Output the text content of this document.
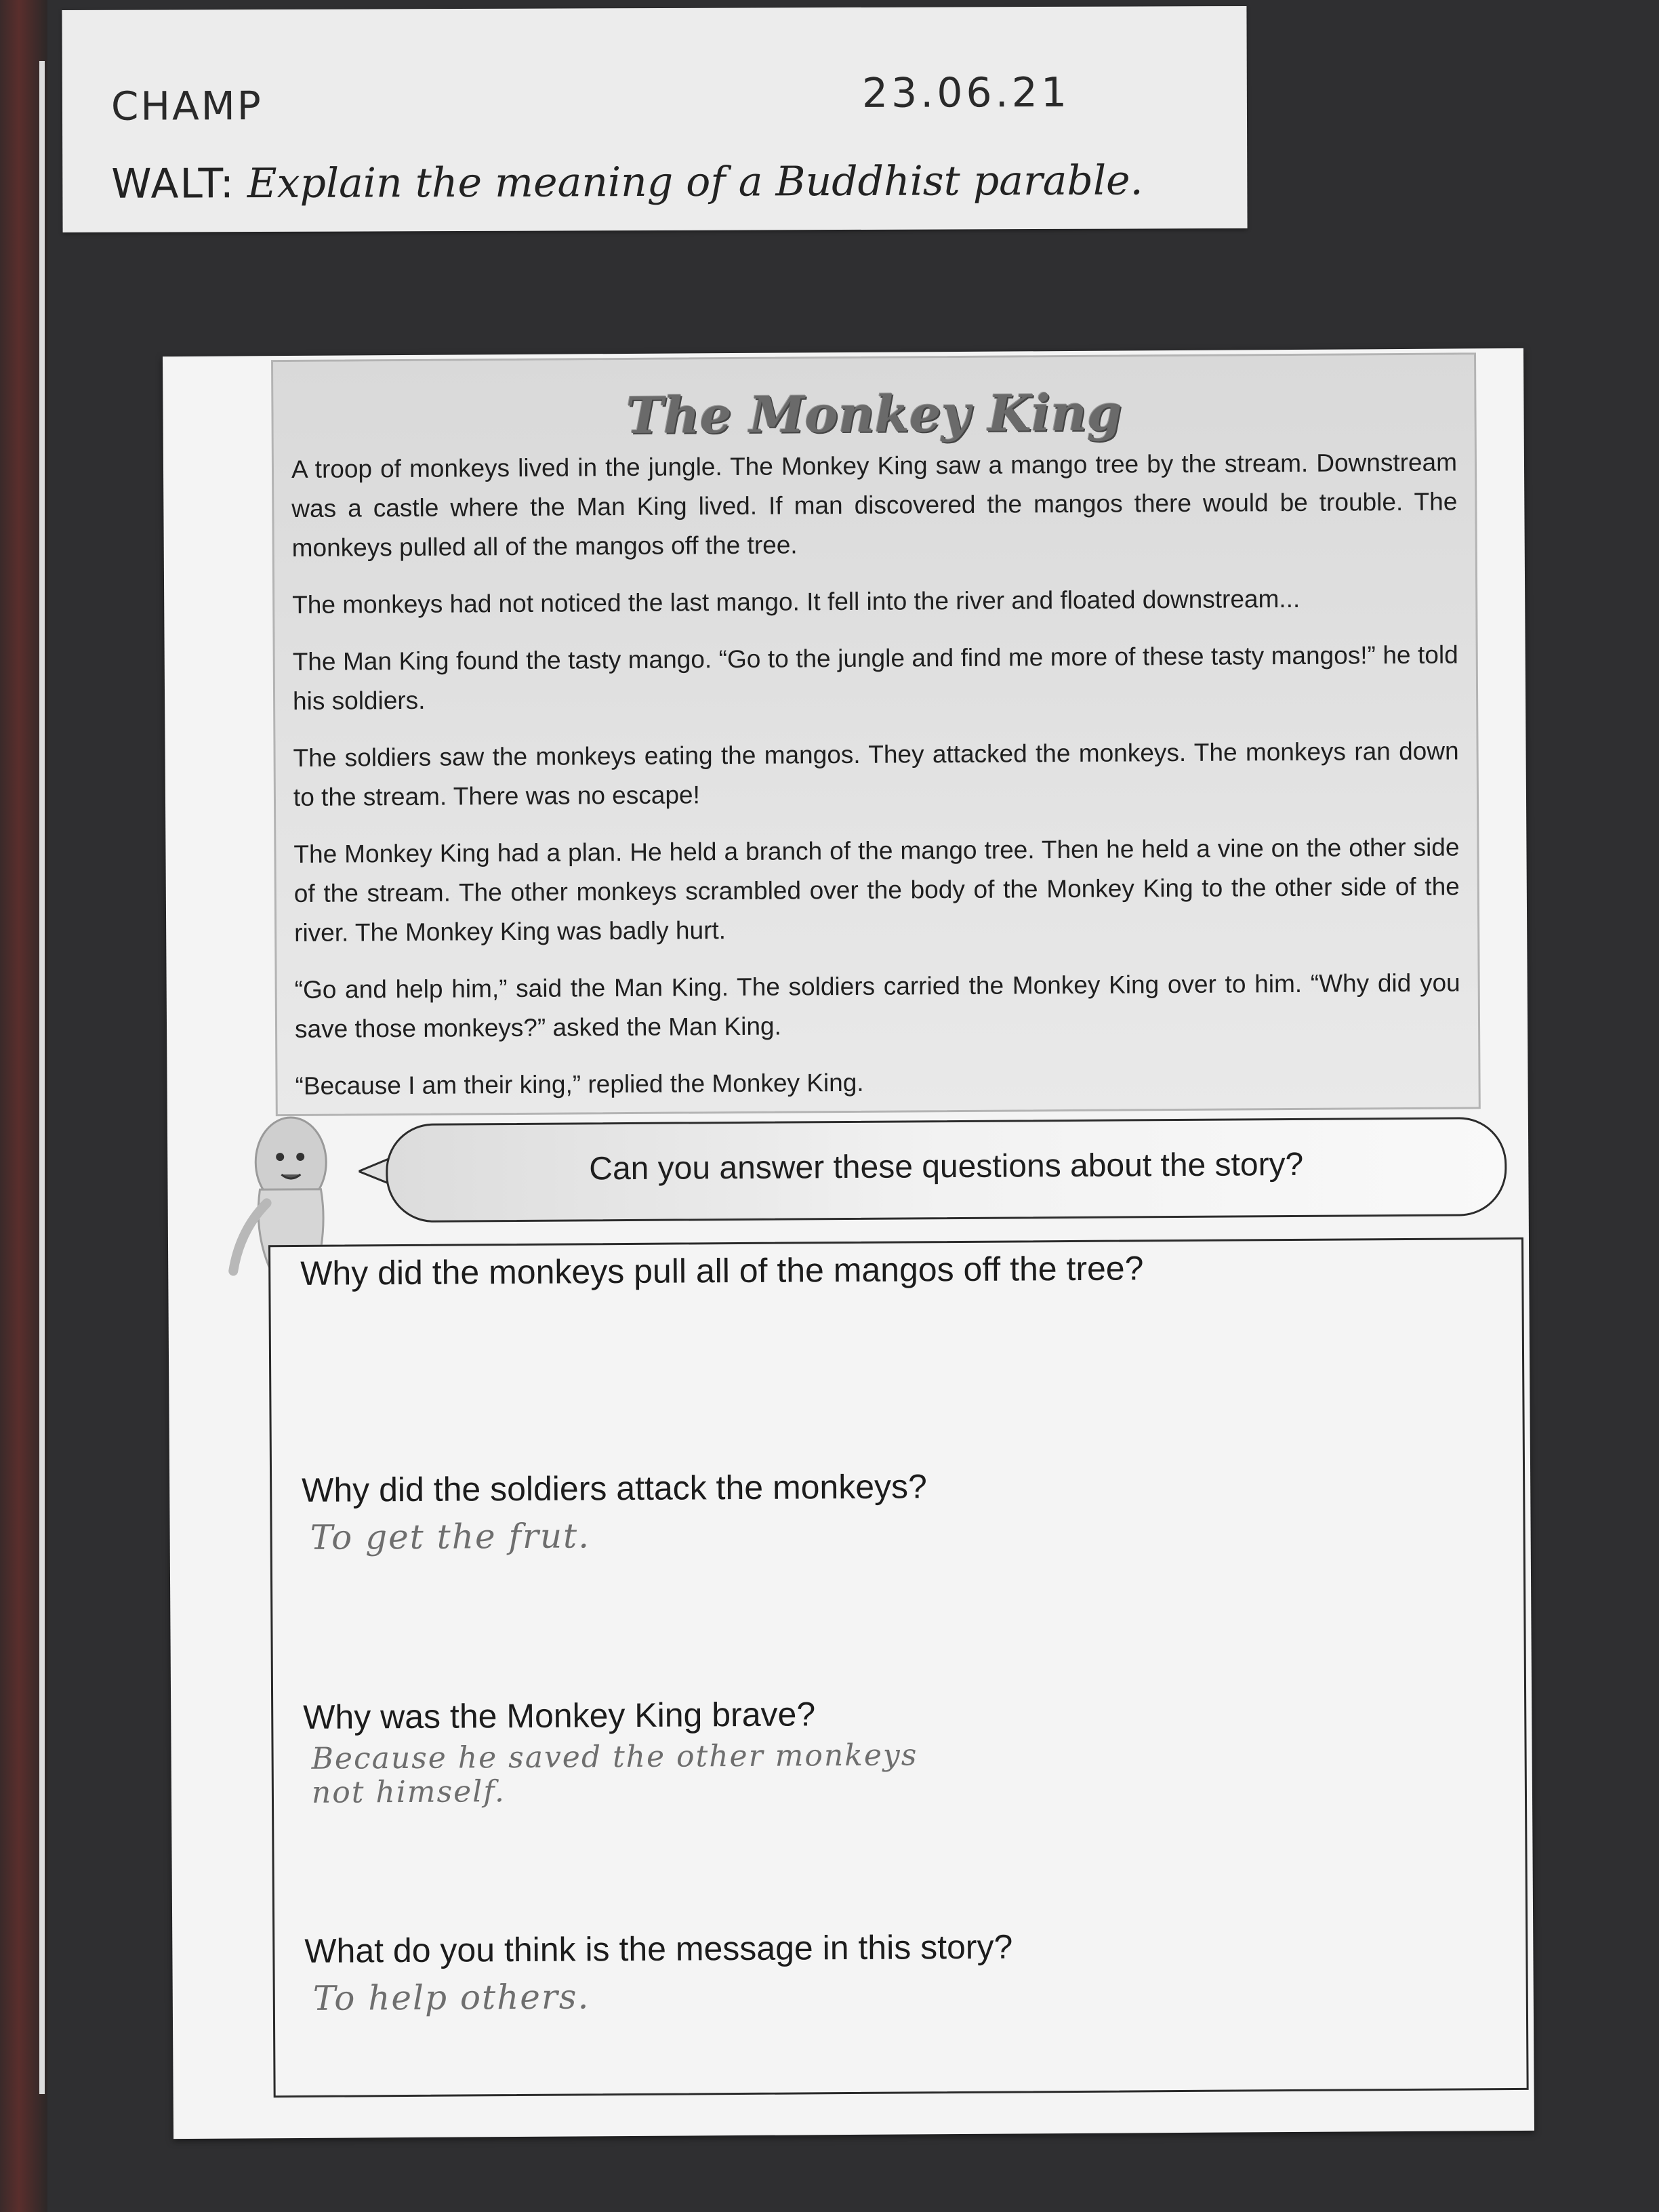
CHAMP	23.06.21
WALT: Explain the meaning of a Buddhist parable.
The Monkey King

A troop of monkeys lived in the jungle. The Monkey King saw a mango tree by the stream. Downstream was a castle where the Man King lived. If man discovered the mangos there would be trouble. The monkeys pulled all of the mangos off the tree.

The monkeys had not noticed the last mango. It fell into the river and floated downstream...

The Man King found the tasty mango. “Go to the jungle and find me more of these tasty mangos!” he told his soldiers.

The soldiers saw the monkeys eating the mangos. They attacked the monkeys. The monkeys ran down to the stream. There was no escape!

The Monkey King had a plan. He held a branch of the mango tree. Then he held a vine on the other side of the stream. The other monkeys scrambled over the body of the Monkey King to the other side of the river. The Monkey King was badly hurt.

“Go and help him,” said the Man King. The soldiers carried the Monkey King over to him. “Why did you save those monkeys?” asked the Man King.

“Because I am their king,” replied the Monkey King.

Can you answer these questions about the story?
Why did the monkeys pull all of the mangos off the tree?
Why did the soldiers attack the monkeys?
To get the frut.
Why was the Monkey King brave?
Because he saved the other monkeys
not himself.
What do you think is the message in this story?
To help others.
